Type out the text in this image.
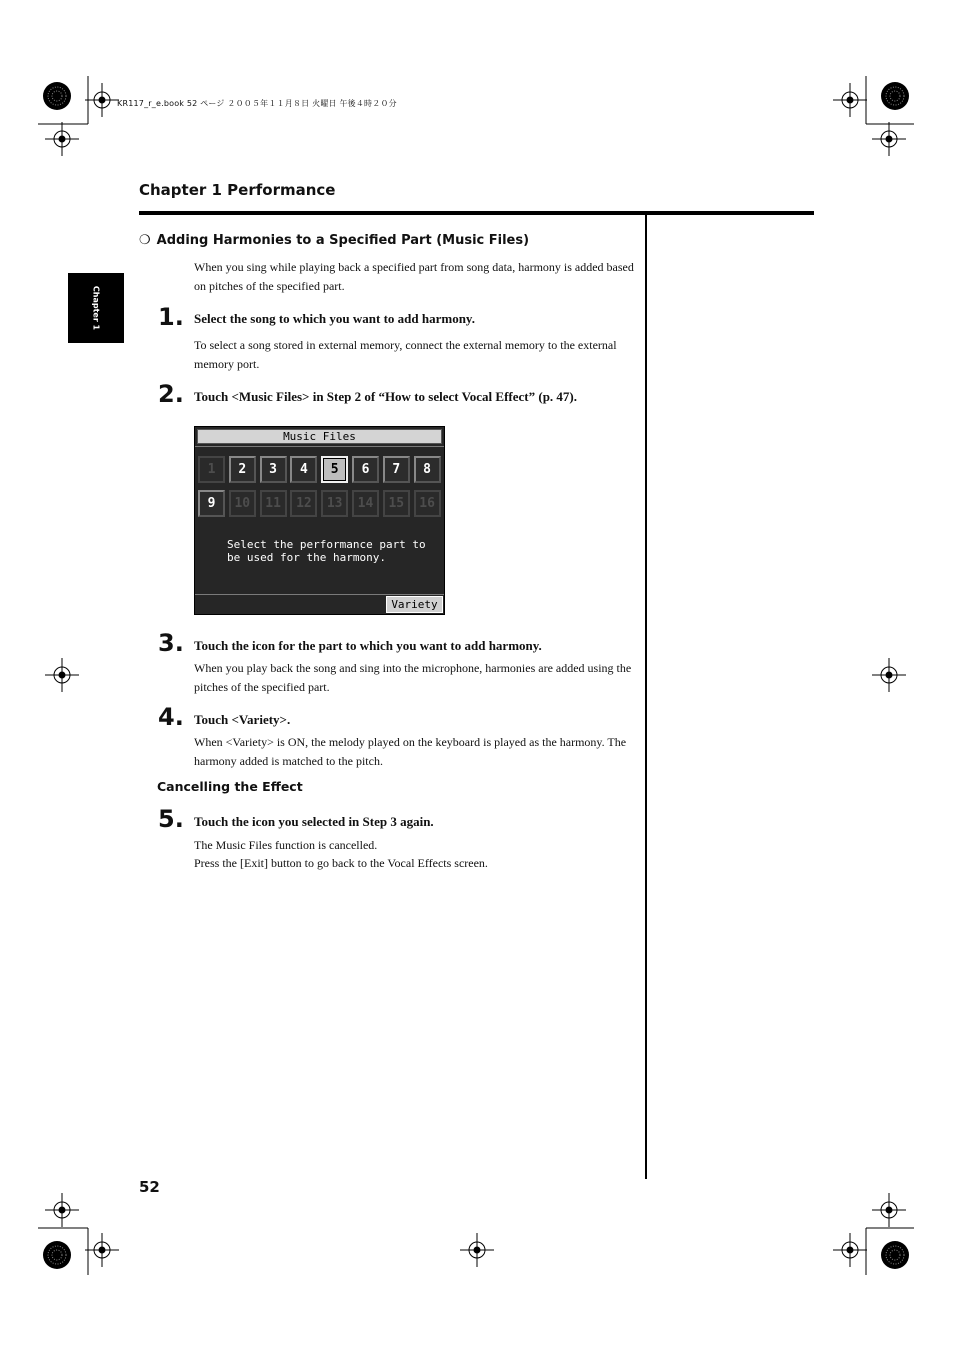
KR117_r_e.book 52 ページ ２００５年１１月８日 火曜日 午後４時２０分
Chapter 1 Performance
Chapter 1
❍ Adding Harmonies to a Specified Part (Music Files)
When you sing while playing back a specified part from song data, harmony is added based on pitches of the specified part.
1. Select the song to which you want to add harmony.
To select a song stored in external memory, connect the external memory to the external memory port.
2. Touch <Music Files> in Step 2 of “How to select Vocal Effect” (p. 47).
Music Files
1	2	3	4	5	6	7	8
9	10	11	12	13	14	15	16
Select the performance part to
be used for the harmony.
Variety
3. Touch the icon for the part to which you want to add harmony.
When you play back the song and sing into the microphone, harmonies are added using the pitches of the specified part.
4. Touch <Variety>.
When <Variety> is ON, the melody played on the keyboard is played as the harmony. The harmony added is matched to the pitch.
Cancelling the Effect
5. Touch the icon you selected in Step 3 again.
The Music Files function is cancelled.
Press the [Exit] button to go back to the Vocal Effects screen.
52
